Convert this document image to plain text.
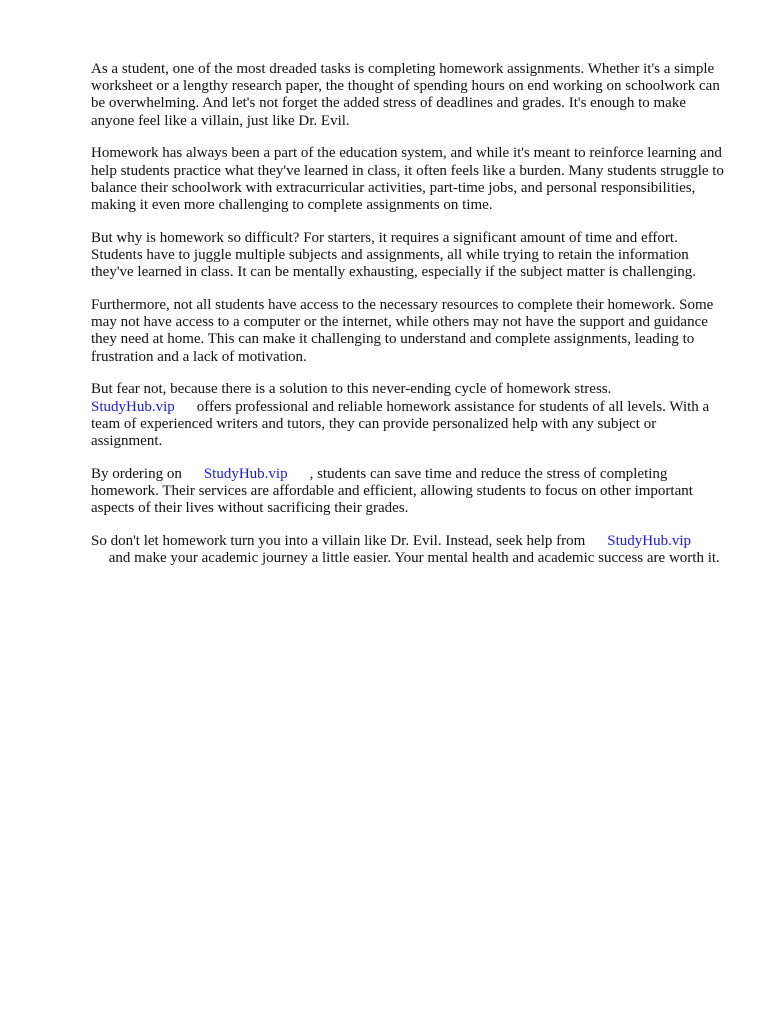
As a student, one of the most dreaded tasks is completing homework assignments. Whether it's a simple worksheet or a lengthy research paper, the thought of spending hours on end working on schoolwork can be overwhelming. And let's not forget the added stress of deadlines and grades. It's enough to make anyone feel like a villain, just like Dr. Evil.

Homework has always been a part of the education system, and while it's meant to reinforce learning and help students practice what they've learned in class, it often feels like a burden. Many students struggle to balance their schoolwork with extracurricular activities, part-time jobs, and personal responsibilities, making it even more challenging to complete assignments on time.

But why is homework so difficult? For starters, it requires a significant amount of time and effort. Students have to juggle multiple subjects and assignments, all while trying to retain the information they've learned in class. It can be mentally exhausting, especially if the subject matter is challenging.

Furthermore, not all students have access to the necessary resources to complete their homework. Some may not have access to a computer or the internet, while others may not have the support and guidance they need at home. This can make it challenging to understand and complete assignments, leading to frustration and a lack of motivation.

But fear not, because there is a solution to this never-ending cycle of homework stress.
StudyHub.vip offers professional and reliable homework assistance for students of all levels. With a team of experienced writers and tutors, they can provide personalized help with any subject or assignment.

By ordering on StudyHub.vip , students can save time and reduce the stress of completing homework. Their services are affordable and efficient, allowing students to focus on other important aspects of their lives without sacrificing their grades.

So don't let homework turn you into a villain like Dr. Evil. Instead, seek help from StudyHub.vip
and make your academic journey a little easier. Your mental health and academic success are worth it.
